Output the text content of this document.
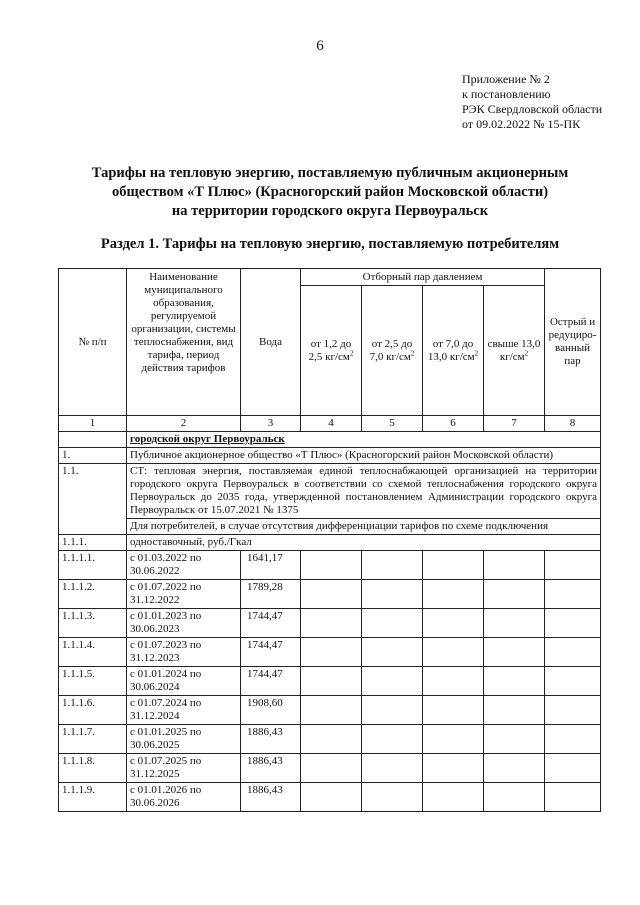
6
Приложение № 2
к постановлению
РЭК Свердловской области
от 09.02.2022 № 15-ПК
Тарифы на тепловую энергию, поставляемую публичным акционерным
обществом «Т Плюс» (Красногорский район Московской области)
на территории городского округа Первоуральск
Раздел 1. Тарифы на тепловую энергию, поставляемую потребителям
№ п/п	Наименование муниципального образования, регулируемой организации, системы теплоснабжения, вид тарифа, период действия тарифов	Вода	Отборный пар давлением				Острый и редуциро-ванный пар
			от 1,2 до 2,5 $кг/см^2$	от 2,5 до 7,0 $кг/см^2$	от 7,0 до 13,0 $кг/см^2$	свыше 13,0 $кг/см^2$
1	2	3	4	5	6	7	8
	городской округ Первоуральск						
1.	Публичное акционерное общество «Т Плюс» (Красногорский район Московской области)						
1.1.	СТ: тепловая энергия, поставляемая единой теплоснабжающей организацией на территории городского округа Первоуральск в соответствии со схемой теплоснабжения городского округа Первоуральск до 2035 года, утвержденной постановлением Администрации городского округа Первоуральск от 15.07.2021 № 1375						
	Для потребителей, в случае отсутствия дифференциации тарифов по схеме подключения						
1.1.1.	одноставочный, руб./Гкал						
1.1.1.1.	с 01.03.2022 по 30.06.2022	1641,17					
1.1.1.2.	с 01.07.2022 по 31.12.2022	1789,28					
1.1.1.3.	с 01.01.2023 по 30.06.2023	1744,47					
1.1.1.4.	с 01.07.2023 по 31.12.2023	1744,47					
1.1.1.5.	с 01.01.2024 по 30.06.2024	1744,47					
1.1.1.6.	с 01.07.2024 по 31.12.2024	1908,60					
1.1.1.7.	с 01.01.2025 по 30.06.2025	1886,43					
1.1.1.8.	с 01.07.2025 по 31.12.2025	1886,43					
1.1.1.9.	с 01.01.2026 по 30.06.2026	1886,43					
